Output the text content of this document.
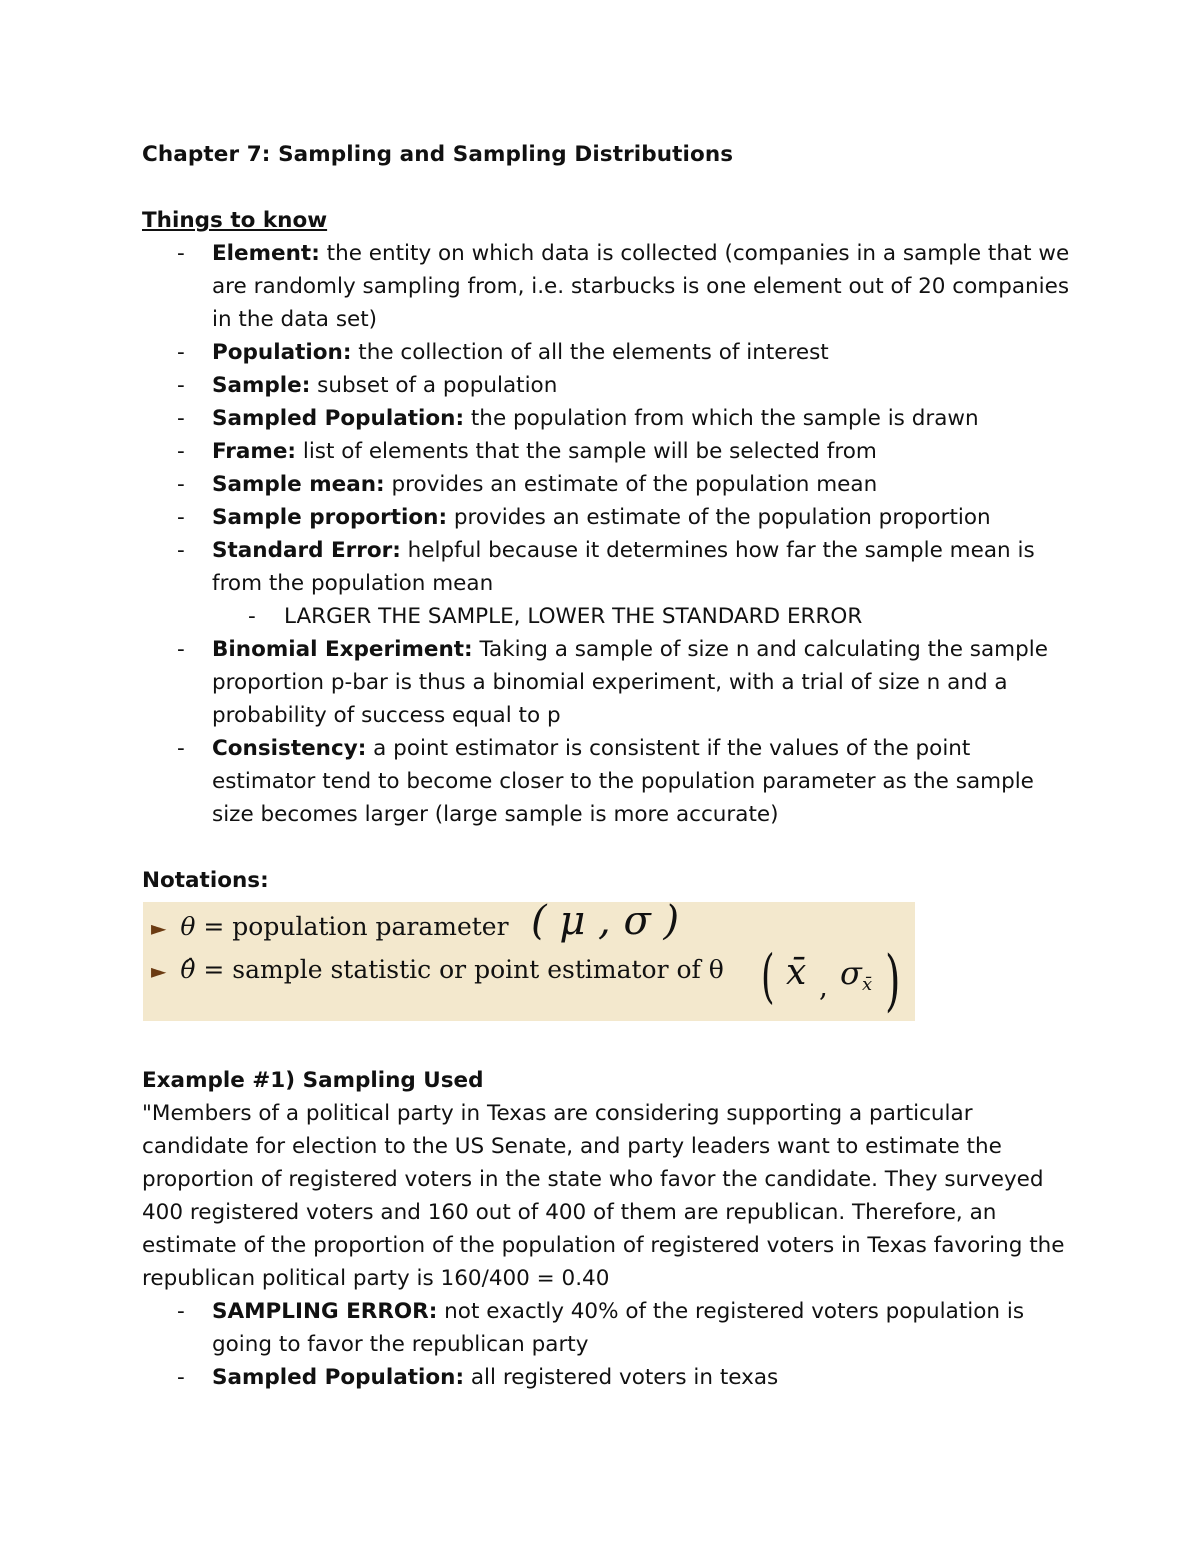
Chapter 7: Sampling and Sampling Distributions

Things to know

- Element: the entity on which data is collected (companies in a sample that we are randomly sampling from, i.e. starbucks is one element out of 20 companies in the data set)
- Population: the collection of all the elements of interest
- Sample: subset of a population
- Sampled Population: the population from which the sample is drawn
- Frame: list of elements that the sample will be selected from
- Sample mean: provides an estimate of the population mean
- Sample proportion: provides an estimate of the population proportion
- Standard Error: helpful because it determines how far the sample mean is from the population mean
- LARGER THE SAMPLE, LOWER THE STANDARD ERROR
- Binomial Experiment: Taking a sample of size n and calculating the sample proportion p-bar is thus a binomial experiment, with a trial of size n and a probability of success equal to p
- Consistency: a point estimator is consistent if the values of the point estimator tend to become closer to the population parameter as the sample size becomes larger (large sample is more accurate)

Notations:

► θ = population parameter ( μ , σ )
► θ̂ = sample statistic or point estimator of θ ( x̄ , σ x̄ )

Example #1) Sampling Used

"Members of a political party in Texas are considering supporting a particular candidate for election to the US Senate, and party leaders want to estimate the proportion of registered voters in the state who favor the candidate. They surveyed 400 registered voters and 160 out of 400 of them are republican. Therefore, an estimate of the proportion of the population of registered voters in Texas favoring the republican political party is 160/400 = 0.40

- SAMPLING ERROR: not exactly 40% of the registered voters population is going to favor the republican party
- Sampled Population: all registered voters in texas
